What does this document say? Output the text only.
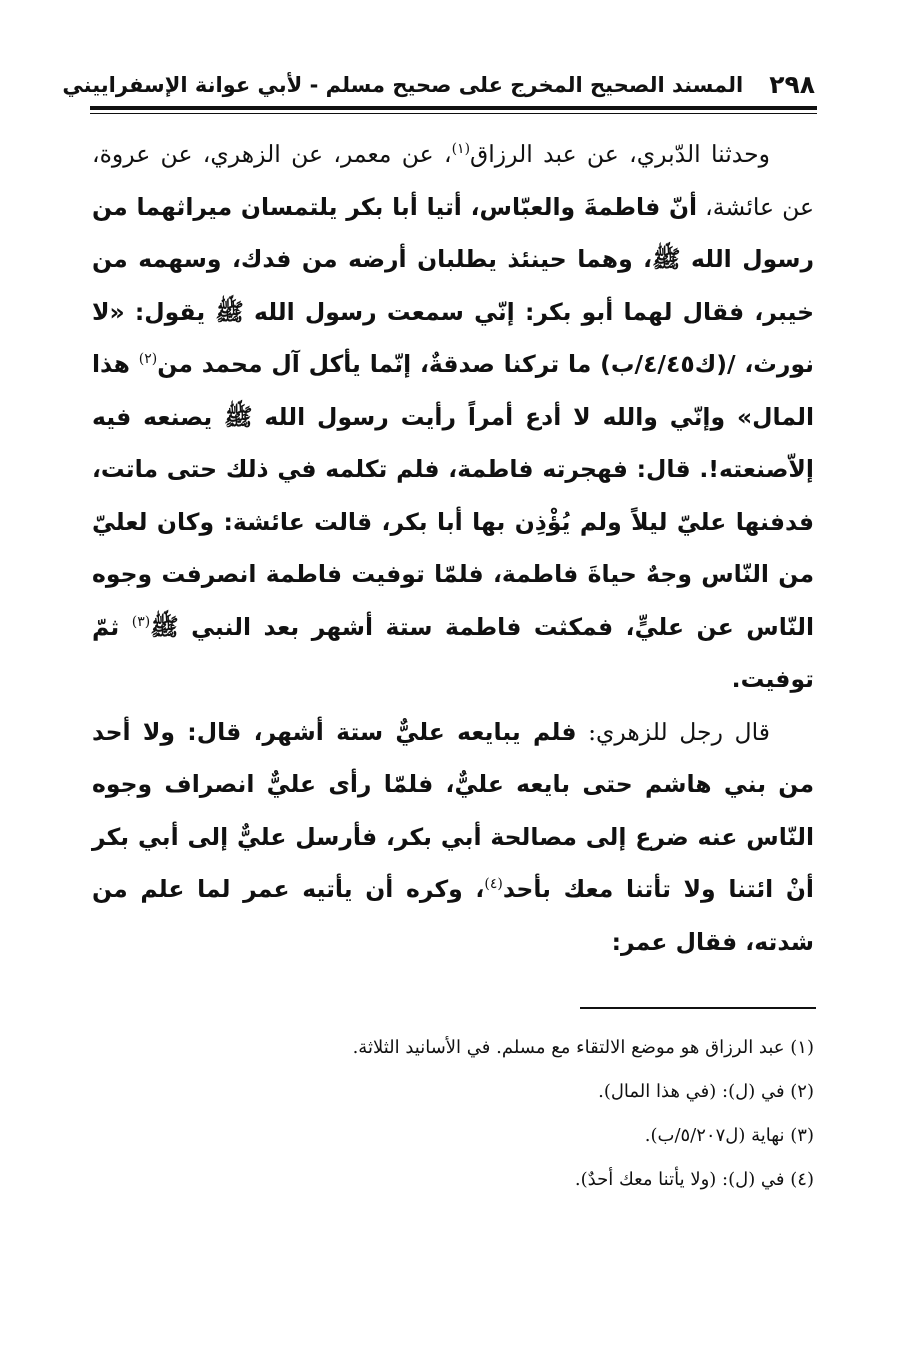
٢٩٨
المسند الصحيح المخرج على صحيح مسلم - لأبي عوانة الإسفراييني

وحدثنا الدّبري، عن عبد الرزاق$^{(١)}$، عن معمر، عن الزهري، عن عروة، عن عائشة، أنّ فاطمةَ والعبّاس، أتيا أبا بكر يلتمسان ميراثهما من رسول الله ﷺ، وهما حينئذ يطلبان أرضه من فدك، وسهمه من خيبر، فقال لهما أبو بكر: إنّي سمعت رسول الله ﷺ يقول: «لا نورث، /(ك٤/٤٥/ب) ما تركنا صدقةٌ، إنّما يأكل آل محمد من$^{(٢)}$ هذا المال» وإنّي والله لا أدع أمراً رأيت رسول الله ﷺ يصنعه فيه إلاّصنعته!. قال: فهجرته فاطمة، فلم تكلمه في ذلك حتى ماتت، فدفنها عليّ ليلاً ولم يُؤْذِن بها أبا بكر، قالت عائشة: وكان لعليّ من النّاس وجهٌ حياةَ فاطمة، فلمّا توفيت فاطمة انصرفت وجوه النّاس عن عليٍّ، فمكثت فاطمة ستة أشهر بعد النبي ﷺ$^{(٣)}$ ثمّ توفيت.

قال رجل للزهري: فلم يبايعه عليٌّ ستة أشهر، قال: ولا أحد من بني هاشم حتى بايعه عليٌّ، فلمّا رأى عليٌّ انصراف وجوه النّاس عنه ضرع إلى مصالحة أبي بكر، فأرسل عليٌّ إلى أبي بكر أنْ ائتنا ولا تأتنا معك بأحد$^{(٤)}$، وكره أن يأتيه عمر لما علم من شدته، فقال عمر:

(١) عبد الرزاق هو موضع الالتقاء مع مسلم. في الأسانيد الثلاثة.
(٢) في (ل): (في هذا المال).
(٣) نهاية (ل٥/٢٠٧/ب).
(٤) في (ل): (ولا يأتنا معك أحدٌ).
